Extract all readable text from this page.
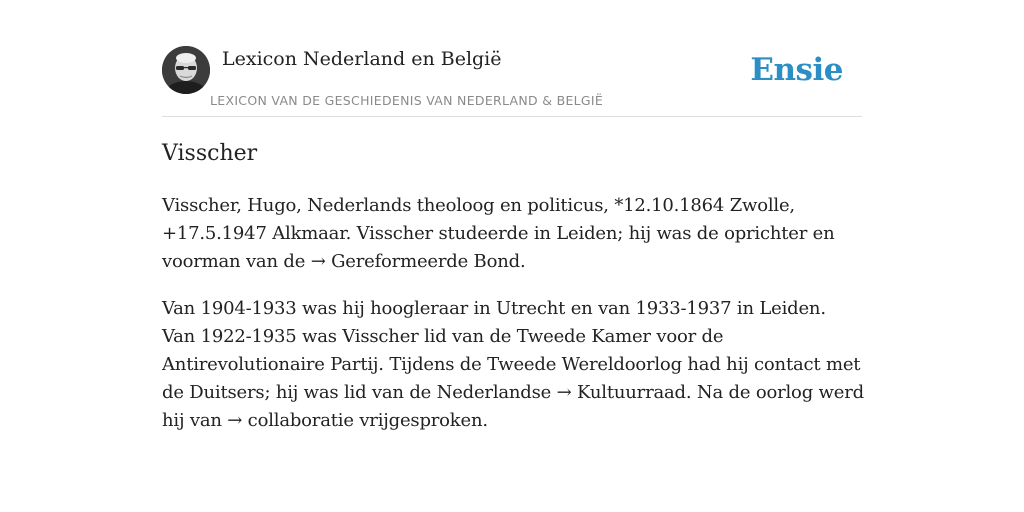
Lexicon Nederland en België
LEXICON VAN DE GESCHIEDENIS VAN NEDERLAND & BELGIË
Ensie
Visscher

Visscher, Hugo, Nederlands theoloog en politicus, *12.10.1864 Zwolle, +17.5.1947 Alkmaar. Visscher studeerde in Leiden; hij was de oprichter en voorman van de → Gereformeerde Bond.

Van 1904-1933 was hij hoogleraar in Utrecht en van 1933-1937 in Leiden. Van 1922-1935 was Visscher lid van de Tweede Kamer voor de Antirevolutionaire Partij. Tijdens de Tweede Wereldoorlog had hij contact met de Duitsers; hij was lid van de Nederlandse → Kultuurraad. Na de oorlog werd hij van → collaboratie vrijgesproken.
